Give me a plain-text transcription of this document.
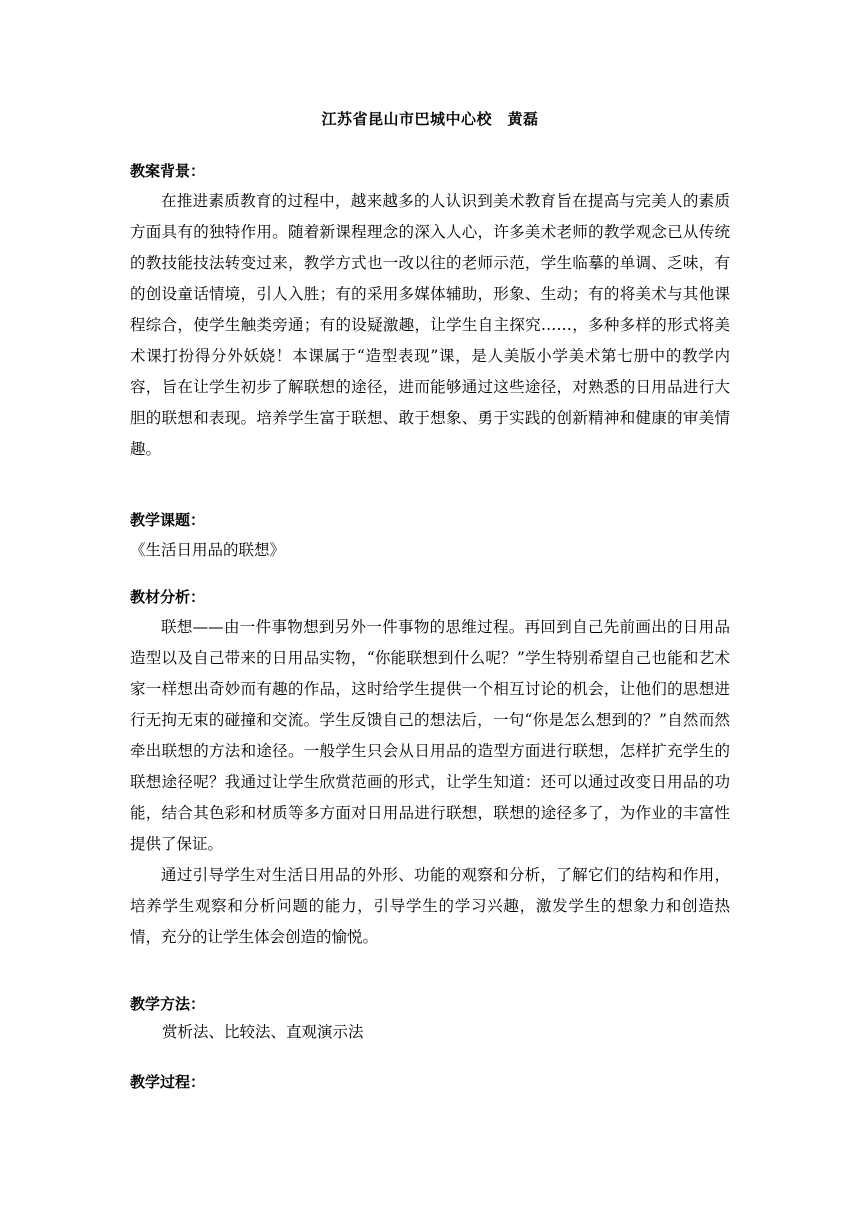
江苏省昆山市巴城中心校　黄磊
教案背景：

在推进素质教育的过程中，越来越多的人认识到美术教育旨在提高与完美人的素质方面具有的独特作用。随着新课程理念的深入人心，许多美术老师的教学观念已从传统的教技能技法转变过来，教学方式也一改以往的老师示范，学生临摹的单调、乏味，有的创设童话情境，引人入胜；有的采用多媒体辅助，形象、生动；有的将美术与其他课程综合，使学生触类旁通；有的设疑激趣，让学生自主探究……，多种多样的形式将美术课打扮得分外妖娆！本课属于“造型表现”课，是人美版小学美术第七册中的教学内容，旨在让学生初步了解联想的途径，进而能够通过这些途径，对熟悉的日用品进行大胆的联想和表现。培养学生富于联想、敢于想象、勇于实践的创新精神和健康的审美情趣。

教学课题：
《生活日用品的联想》
教材分析：

联想——由一件事物想到另外一件事物的思维过程。再回到自己先前画出的日用品造型以及自己带来的日用品实物，“你能联想到什么呢？”学生特别希望自己也能和艺术家一样想出奇妙而有趣的作品，这时给学生提供一个相互讨论的机会，让他们的思想进行无拘无束的碰撞和交流。学生反馈自己的想法后，一句“你是怎么想到的？”自然而然牵出联想的方法和途径。一般学生只会从日用品的造型方面进行联想，怎样扩充学生的联想途径呢？我通过让学生欣赏范画的形式，让学生知道：还可以通过改变日用品的功能，结合其色彩和材质等多方面对日用品进行联想，联想的途径多了，为作业的丰富性提供了保证。

通过引导学生对生活日用品的外形、功能的观察和分析，了解它们的结构和作用，培养学生观察和分析问题的能力，引导学生的学习兴趣，激发学生的想象力和创造热情，充分的让学生体会创造的愉悦。

教学方法：
赏析法、比较法、直观演示法
教学过程：
